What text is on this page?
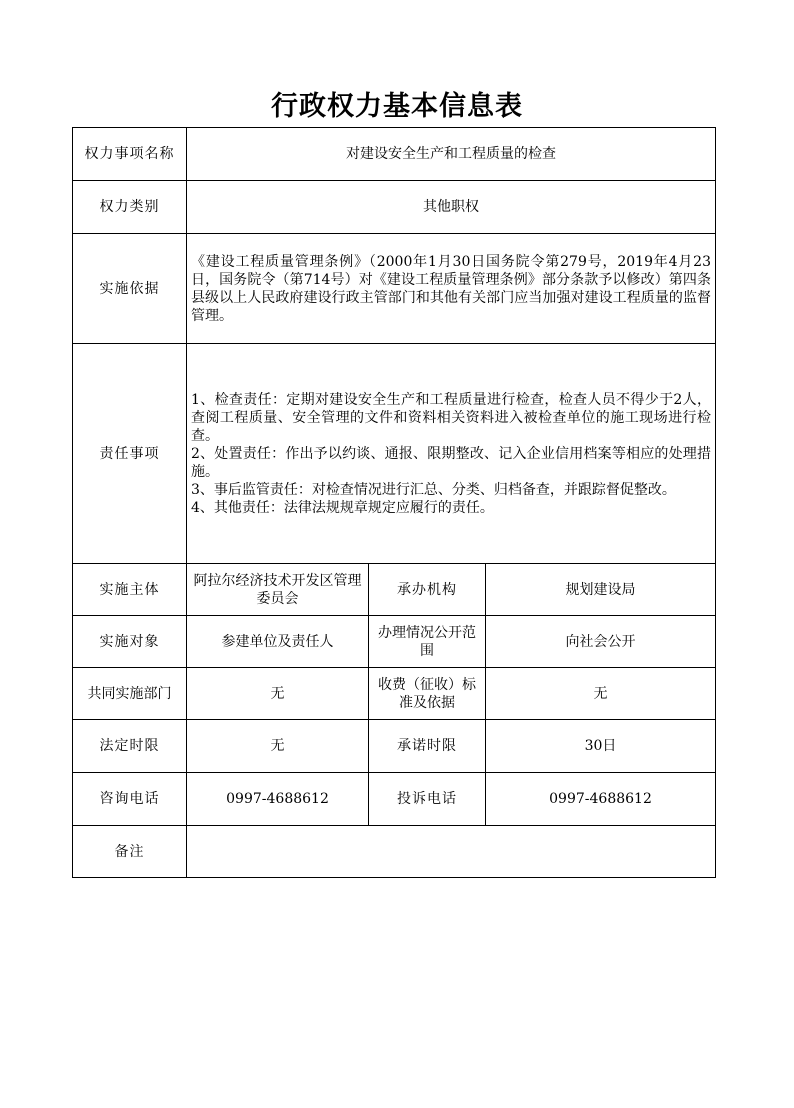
行政权力基本信息表
权力事项名称	对建设安全生产和工程质量的检查		
权力类别	其他职权		
实施依据	《建设工程质量管理条例》（2000年1月30日国务院令第279号，2019年4月23日，国务院令（第714号）对《建设工程质量管理条例》部分条款予以修改）第四条县级以上人民政府建设行政主管部门和其他有关部门应当加强对建设工程质量的监督管理。		

责任事项	1、检查责任：定期对建设安全生产和工程质量进行检查，检查人员不得少于2人，查阅工程质量、安全管理的文件和资料相关资料进入被检查单位的施工现场进行检查。
2、处置责任：作出予以约谈、通报、限期整改、记入企业信用档案等相应的处理措施。
3、事后监管责任：对检查情况进行汇总、分类、归档备查，并跟踪督促整改。
4、其他责任：法律法规规章规定应履行的责任。		

实施主体	阿拉尔经济技术开发区管理委员会	承办机构	规划建设局
实施对象	参建单位及责任人	办理情况公开范围	向社会公开
共同实施部门	无	收费（征收）标准及依据	无
法定时限	无	承诺时限	30日
咨询电话	0997-4688612	投诉电话	0997-4688612
备注			
